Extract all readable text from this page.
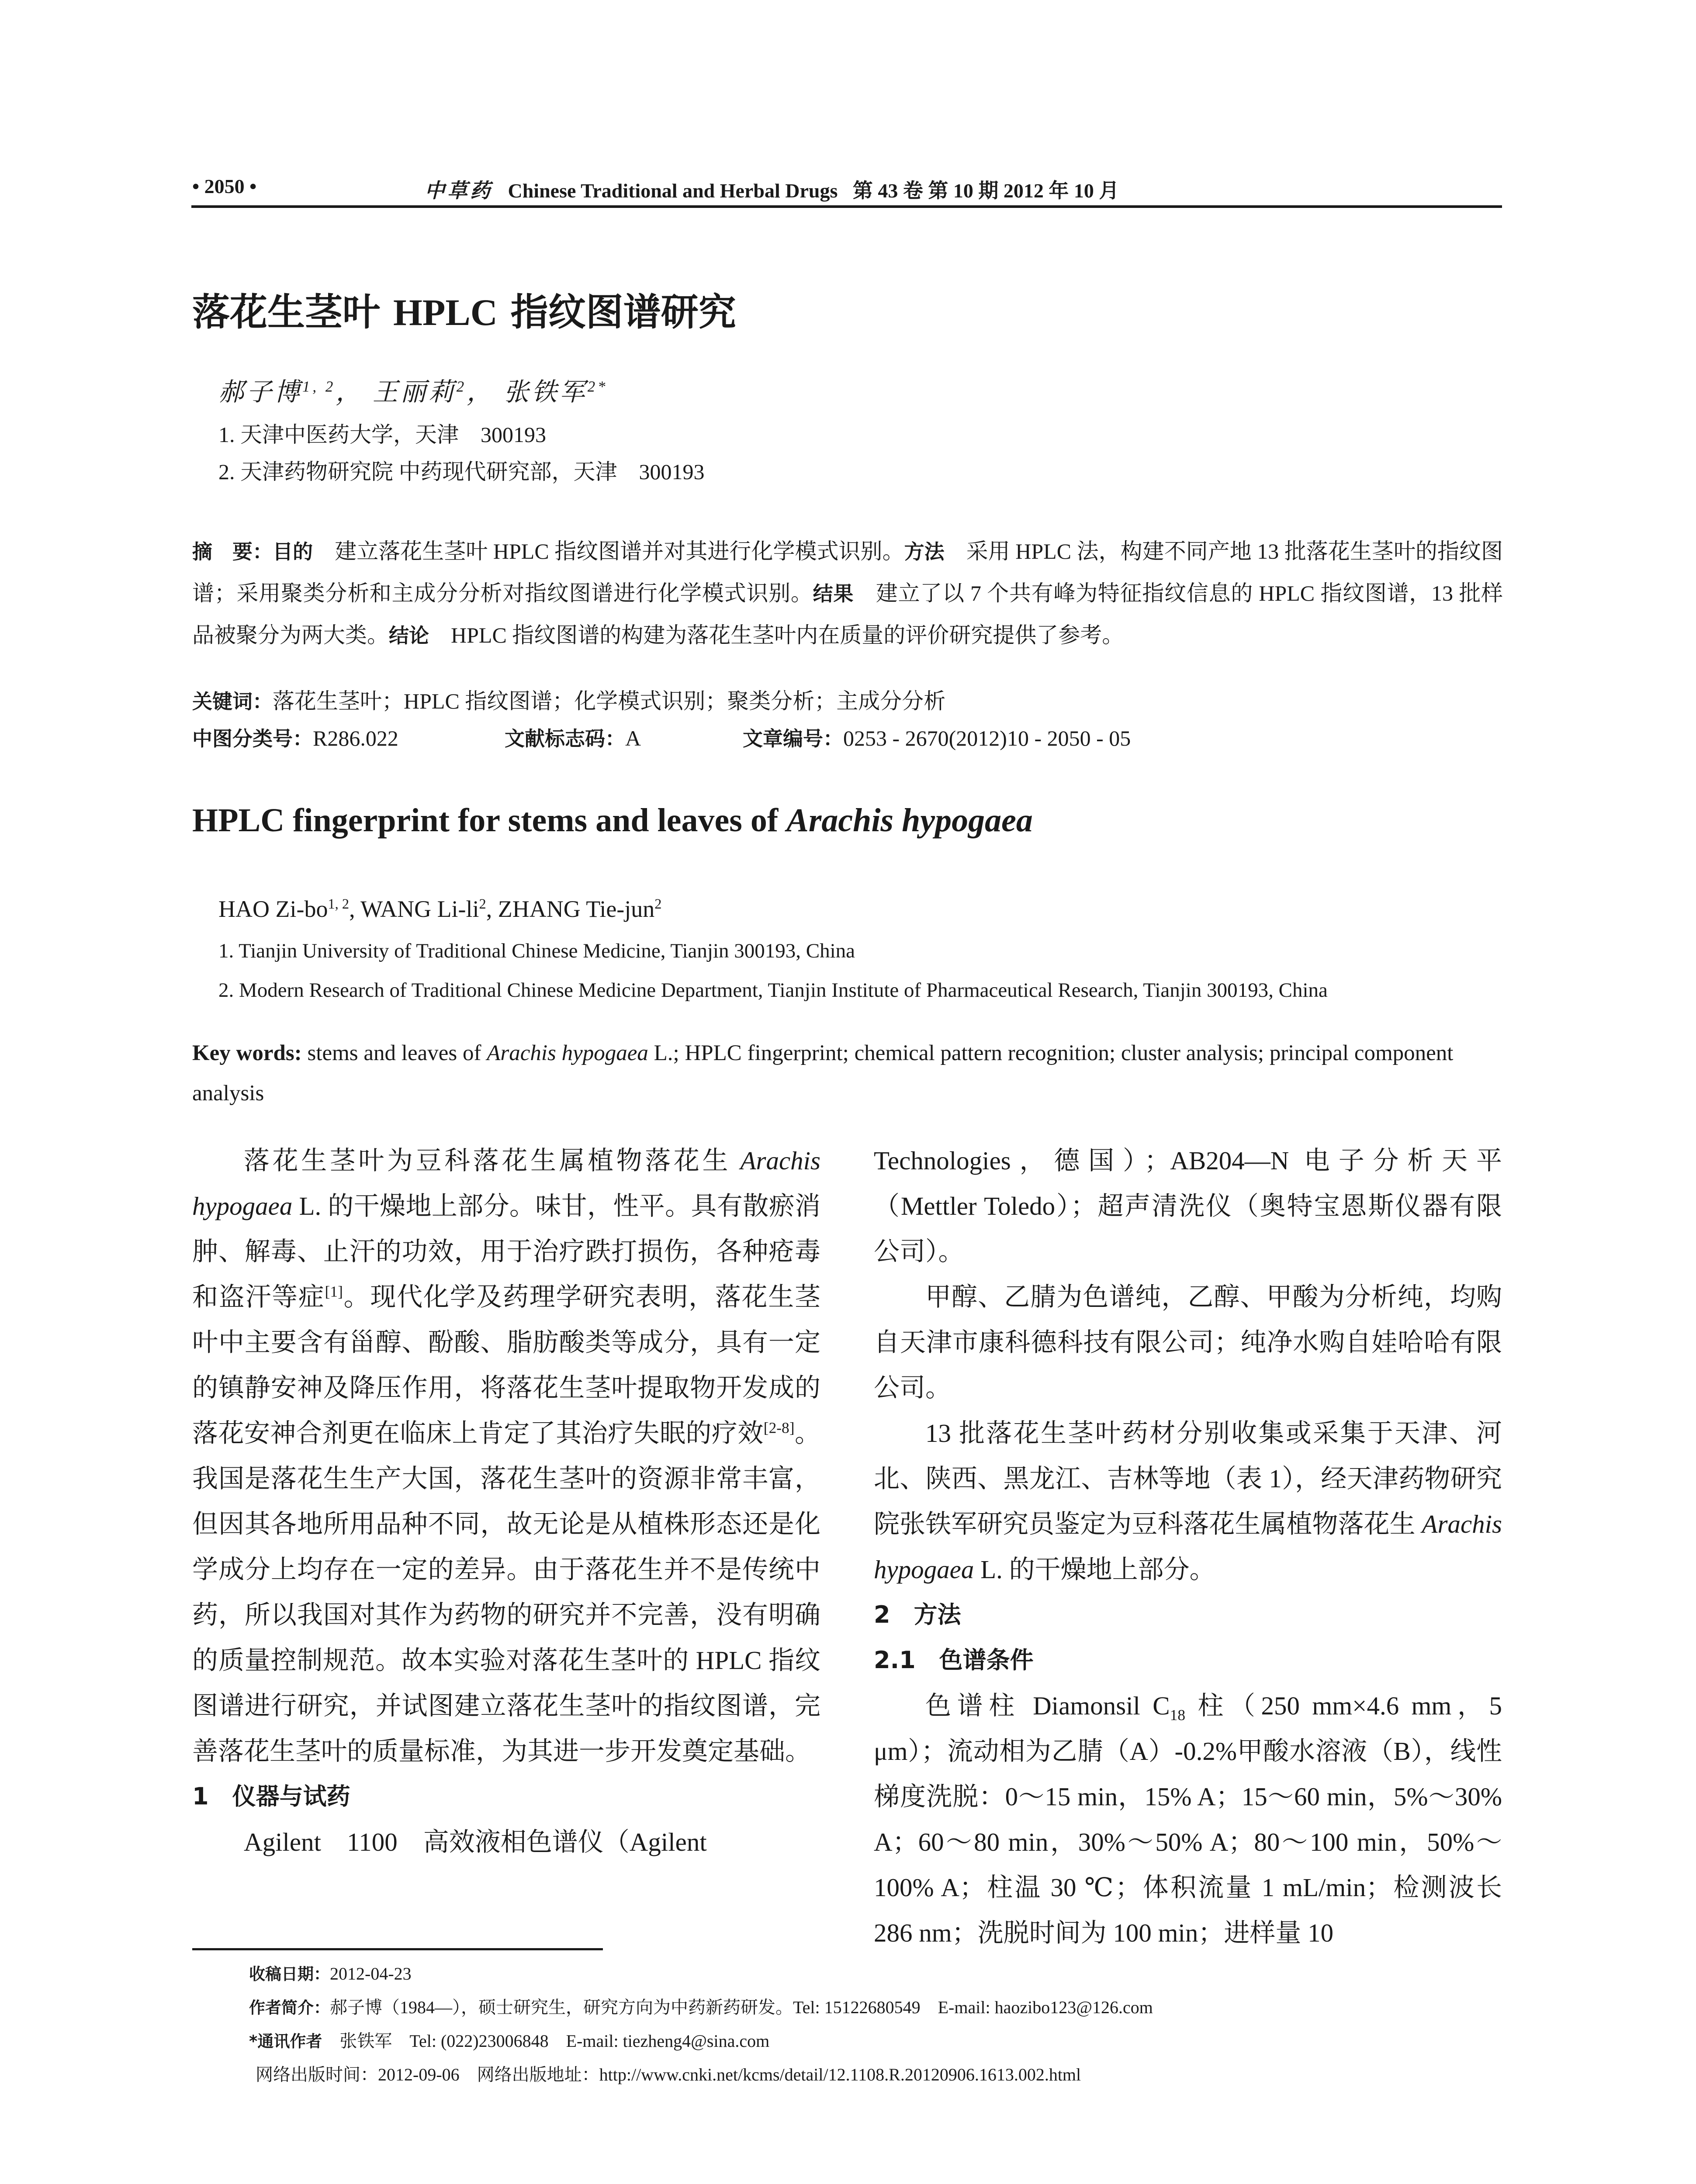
• 2050 •	中草药 Chinese Traditional and Herbal Drugs 第 43 卷 第 10 期 2012 年 10 月
落花生茎叶 HPLC 指纹图谱研究
郝子博$^{1, 2}$， 王丽莉$^2$， 张铁军$^{2*}$
1. 天津中医药大学，天津　300193
2. 天津药物研究院 中药现代研究部，天津　300193
摘　要：目的　建立落花生茎叶 HPLC 指纹图谱并对其进行化学模式识别。方法　采用 HPLC 法，构建不同产地 13 批落花生茎叶的指纹图谱；采用聚类分析和主成分分析对指纹图谱进行化学模式识别。结果　建立了以 7 个共有峰为特征指纹信息的 HPLC 指纹图谱，13 批样品被聚分为两大类。结论　HPLC 指纹图谱的构建为落花生茎叶内在质量的评价研究提供了参考。
关键词：落花生茎叶；HPLC 指纹图谱；化学模式识别；聚类分析；主成分分析
中图分类号：R286.022	文献标志码：A	文章编号：0253 - 2670(2012)10 - 2050 - 05
HPLC fingerprint for stems and leaves of Arachis hypogaea
HAO Zi-bo$^{1, 2}$, WANG $Li-li^2$, ZHANG Tie-jun$^2$
1. Tianjin University of Traditional Chinese Medicine, Tianjin 300193, China
2. Modern Research of Traditional Chinese Medicine Department, Tianjin Institute of Pharmaceutical Research, Tianjin 300193, China
Key words: stems and leaves of Arachis hypogaea L.; HPLC fingerprint; chemical pattern recognition; cluster analysis; principal component analysis

落花生茎叶为豆科落花生属植物落花生 Arachis hypogaea L. 的干燥地上部分。味甘，性平。具有散瘀消肿、解毒、止汗的功效，用于治疗跌打损伤，各种疮毒和盗汗等症[1]。现代化学及药理学研究表明，落花生茎叶中主要含有甾醇、酚酸、脂肪酸类等成分，具有一定的镇静安神及降压作用，将落花生茎叶提取物开发成的落花安神合剂更在临床上肯定了其治疗失眠的疗效[2-8]。我国是落花生生产大国，落花生茎叶的资源非常丰富，但因其各地所用品种不同，故无论是从植株形态还是化学成分上均存在一定的差异。由于落花生并不是传统中药，所以我国对其作为药物的研究并不完善，没有明确的质量控制规范。故本实验对落花生茎叶的 HPLC 指纹图谱进行研究，并试图建立落花生茎叶的指纹图谱，完善落花生茎叶的质量标准，为其进一步开发奠定基础。

1　仪器与试药

Agilent　1100　高效液相色谱仪（Agilent

Technologies，德国）；AB204—N 电子分析天平（Mettler Toledo）；超声清洗仪（奥特宝恩斯仪器有限公司）。

甲醇、乙腈为色谱纯，乙醇、甲酸为分析纯，均购自天津市康科德科技有限公司；纯净水购自娃哈哈有限公司。

13 批落花生茎叶药材分别收集或采集于天津、河北、陕西、黑龙江、吉林等地（表 1），经天津药物研究院张铁军研究员鉴定为豆科落花生属植物落花生 Arachis hypogaea L. 的干燥地上部分。

2　方法

2.1　色谱条件

色谱柱 Diamonsil $C_{18}$ 柱（250 mm×4.6 mm，5 μm）；流动相为乙腈（A）-0.2%甲酸水溶液（B），线性梯度洗脱：0～15 min，15% A；15～60 min，5%～30% A；60～80 min，30%～50% A；80～100 min，50%～100% A；柱温 30 ℃；体积流量 1 mL/min；检测波长 286 nm；洗脱时间为 100 min；进样量 10

收稿日期：2012-04-23
作者简介：郝子博（1984—），硕士研究生，研究方向为中药新药研发。Tel: 15122680549　E-mail: haozibo123@126.com
*通讯作者　张铁军　Tel: (022)23006848　E-mail: tiezheng4@sina.com
网络出版时间：2012-09-06　网络出版地址：http://www.cnki.net/kcms/detail/12.1108.R.20120906.1613.002.html
